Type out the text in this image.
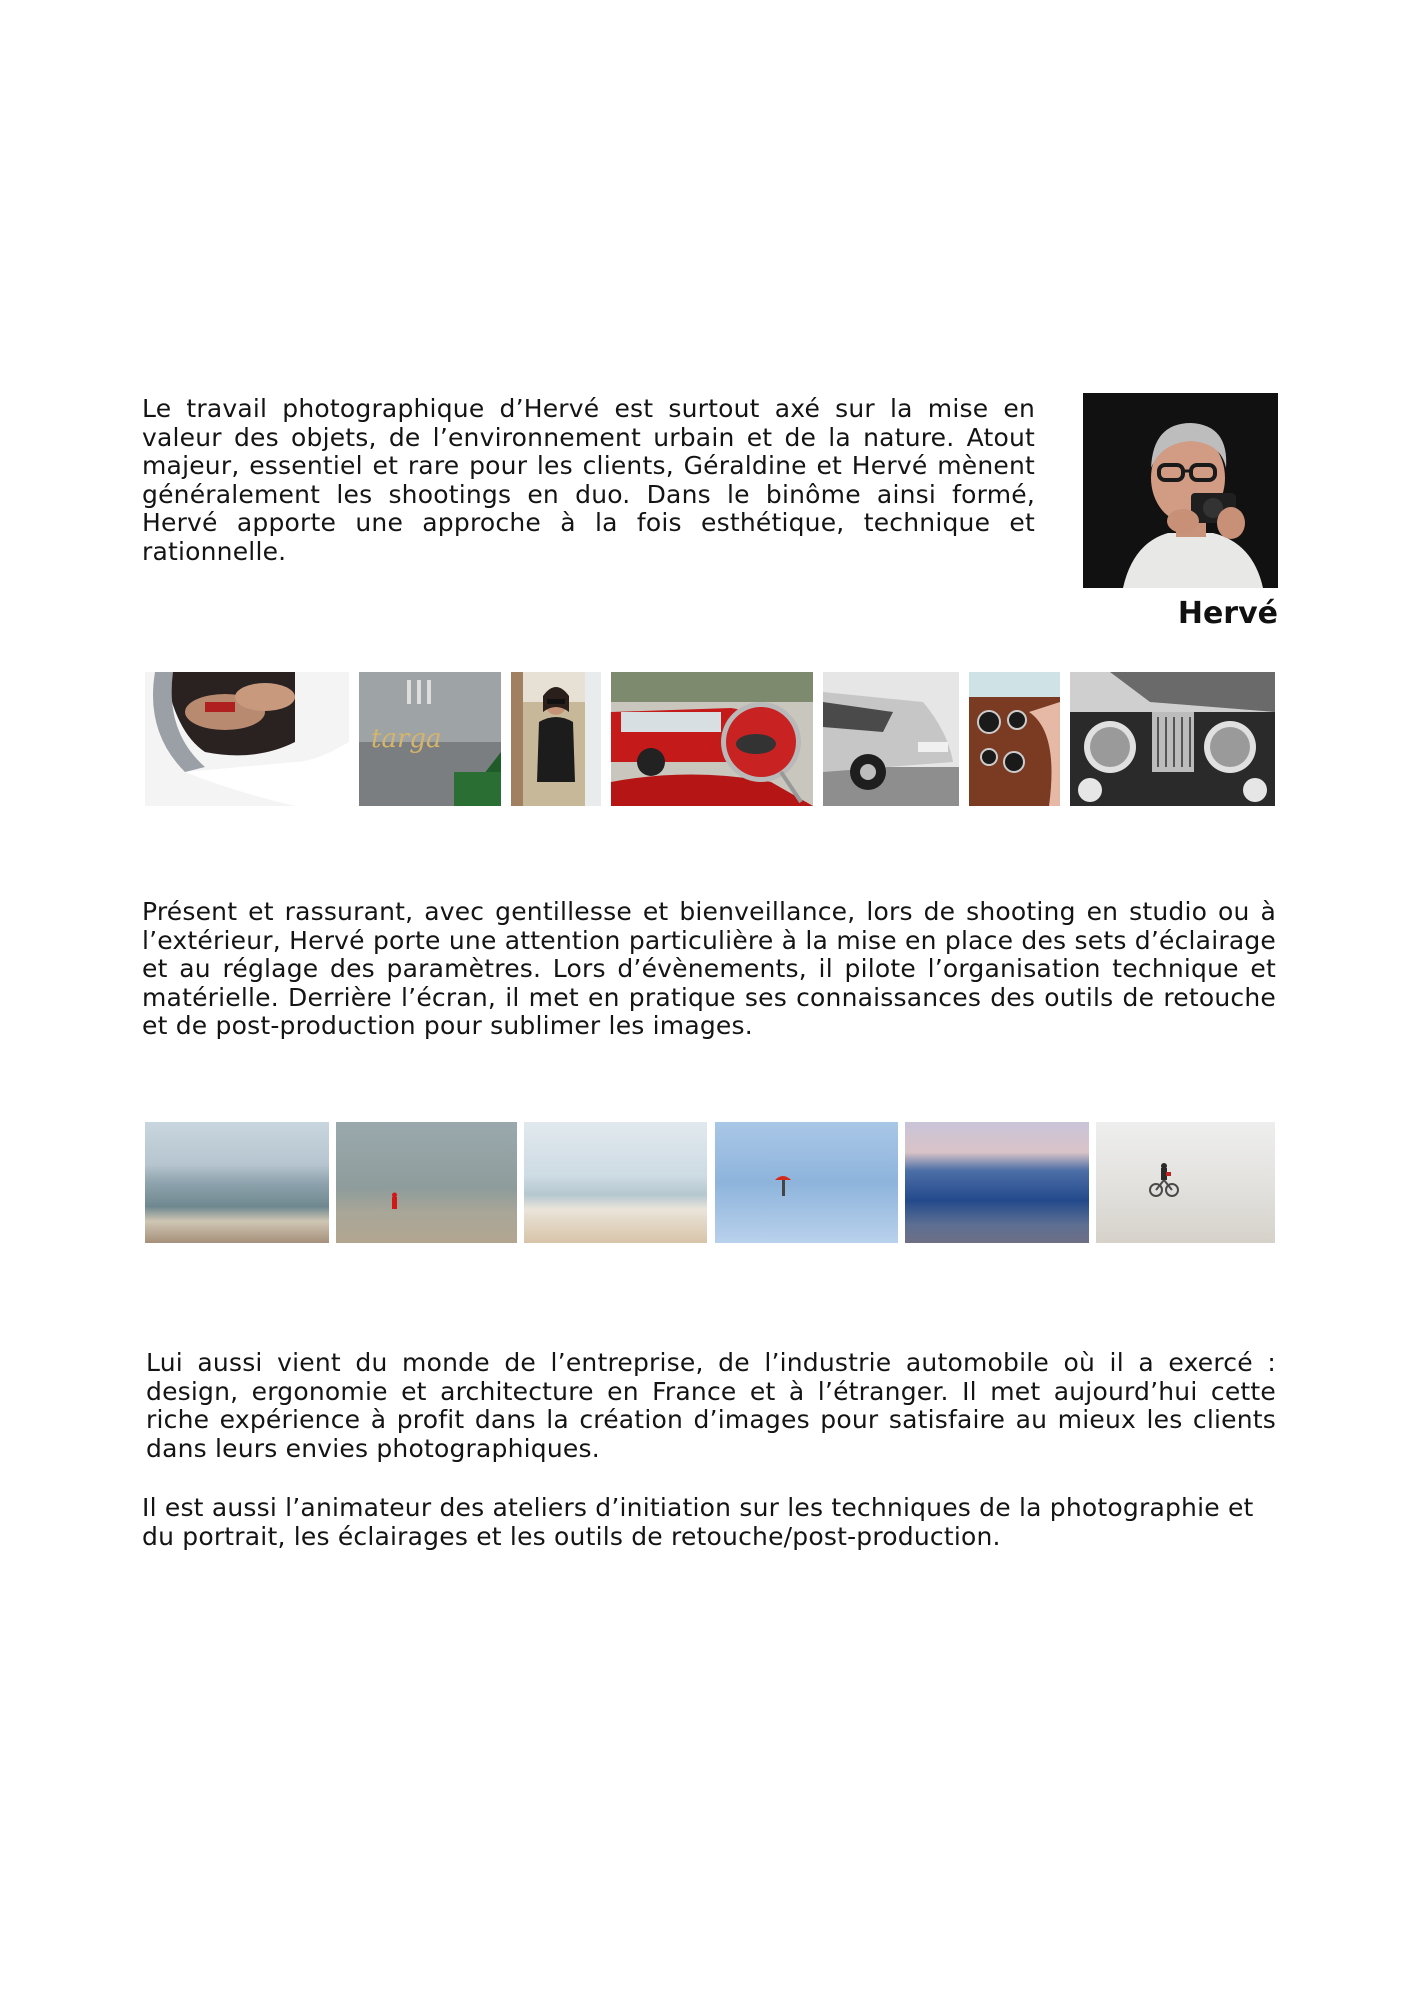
Le travail photographique d’Hervé est surtout axé sur la mise en valeur des objets, de l’environnement urbain et de la nature. Atout majeur, essentiel et rare pour les clients, Géraldine et Hervé mènent généralement les shootings en duo. Dans le binôme ainsi formé, Hervé apporte une approche à la fois esthétique, technique et rationnelle.

Hervé
targa

Présent et rassurant, avec gentillesse et bienveillance, lors de shooting en studio ou à l’extérieur, Hervé porte une attention particulière à la mise en place des sets d’éclairage et au réglage des paramètres. Lors d’évènements, il pilote l’organisation technique et matérielle. Derrière l’écran, il met en pratique ses connaissances des outils de retouche et de post-production pour sublimer les images.

Lui aussi vient du monde de l’entreprise, de l’industrie automobile où il a exercé : design, ergonomie et architecture en France et à l’étranger. Il met aujourd’hui cette riche expérience à profit dans la création d’images pour satisfaire au mieux les clients dans leurs envies photographiques.

Il est aussi l’animateur des ateliers d’initiation sur les techniques de la photographie et du portrait, les éclairages et les outils de retouche/post-production.
